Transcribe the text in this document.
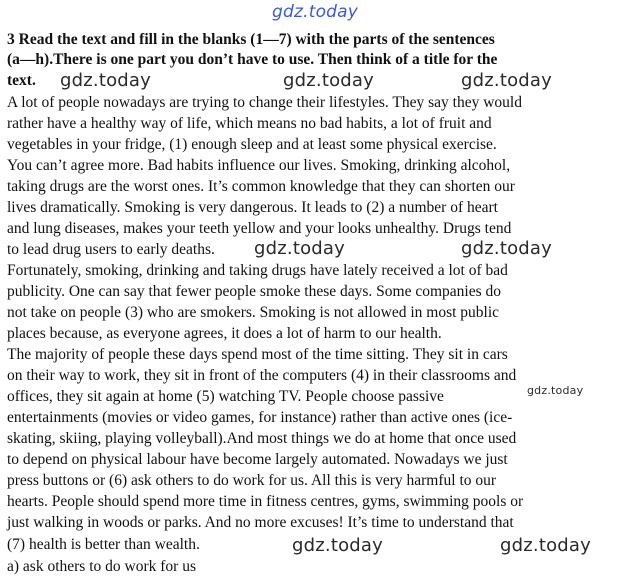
gdz.today
3 Read the text and fill in the blanks (1—7) with the parts of the sentences
(a—h).There is one part you don’t have to use. Then think of a title for the
text. gdz.today	gdz.today	gdz.today
A lot of people nowadays are trying to change their lifestyles. They say they would
rather have a healthy way of life, which means no bad habits, a lot of fruit and
vegetables in your fridge, (1) enough sleep and at least some physical exercise.
You can’t agree more. Bad habits influence our lives. Smoking, drinking alcohol,
taking drugs are the worst ones. It’s common knowledge that they can shorten our
lives dramatically. Smoking is very dangerous. It leads to (2) a number of heart
and lung diseases, makes your teeth yellow and your looks unhealthy. Drugs tend
to lead drug users to early deaths.
Fortunately, smoking, drinking and taking drugs have lately received a lot of bad
publicity. One can say that fewer people smoke these days. Some companies do
not take on people (3) who are smokers. Smoking is not allowed in most public
places because, as everyone agrees, it does a lot of harm to our health.
The majority of people these days spend most of the time sitting. They sit in cars
on their way to work, they sit in front of the computers (4) in their classrooms and
offices, they sit again at home (5) watching TV. People choose passive
entertainments (movies or video games, for instance) rather than active ones (ice-
skating, skiing, playing volleyball).And most things we do at home that once used
to depend on physical labour have become largely automated. Nowadays we just
press buttons or (6) ask others to do work for us. All this is very harmful to our
hearts. People should spend more time in fitness centres, gyms, swimming pools or
just walking in woods or parks. And no more excuses! It’s time to understand that
(7) health is better than wealth.
a) ask others to do work for us
gdz.today	gdz.today
gdz.today
gdz.today	gdz.today
